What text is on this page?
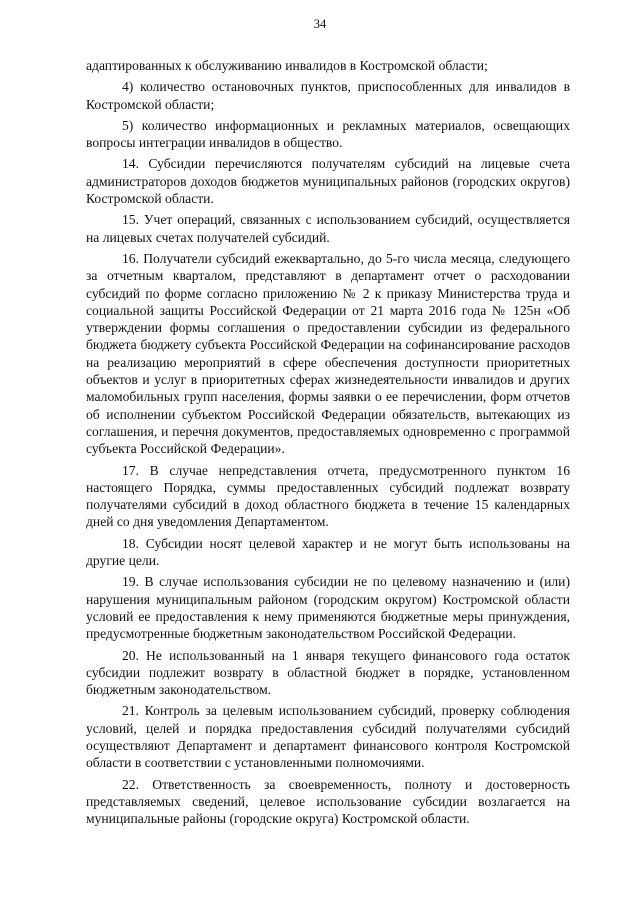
34

адаптированных к обслуживанию инвалидов в Костромской области;

4) количество остановочных пунктов, приспособленных для инвалидов в Костромской области;

5) количество информационных и рекламных материалов, освещающих вопросы интеграции инвалидов в общество.

14. Субсидии перечисляются получателям субсидий на лицевые счета администраторов доходов бюджетов муниципальных районов (городских округов) Костромской области.

15. Учет операций, связанных с использованием субсидий, осуществляется на лицевых счетах получателей субсидий.

16. Получатели субсидий ежеквартально, до 5-го числа месяца, следующего за отчетным кварталом, представляют в департамент отчет о расходовании субсидий по форме согласно приложению № 2 к приказу Министерства труда и социальной защиты Российской Федерации от 21 марта 2016 года № 125н «Об утверждении формы соглашения о предоставлении субсидии из федерального бюджета бюджету субъекта Российской Федерации на софинансирование расходов на реализацию мероприятий в сфере обеспечения доступности приоритетных объектов и услуг в приоритетных сферах жизнедеятельности инвалидов и других маломобильных групп населения, формы заявки о ее перечислении, форм отчетов об исполнении субъектом Российской Федерации обязательств, вытекающих из соглашения, и перечня документов, предоставляемых одновременно с программой субъекта Российской Федерации».

17. В случае непредставления отчета, предусмотренного пунктом 16 настоящего Порядка, суммы предоставленных субсидий подлежат возврату получателями субсидий в доход областного бюджета в течение 15 календарных дней со дня уведомления Департаментом.

18. Субсидии носят целевой характер и не могут быть использованы на другие цели.

19. В случае использования субсидии не по целевому назначению и (или) нарушения муниципальным районом (городским округом) Костромской области условий ее предоставления к нему применяются бюджетные меры принуждения, предусмотренные бюджетным законодательством Российской Федерации.

20. Не использованный на 1 января текущего финансового года остаток субсидии подлежит возврату в областной бюджет в порядке, установленном бюджетным законодательством.

21. Контроль за целевым использованием субсидий, проверку соблюдения условий, целей и порядка предоставления субсидий получателями субсидий осуществляют Департамент и департамент финансового контроля Костромской области в соответствии с установленными полномочиями.

22. Ответственность за своевременность, полноту и достоверность представляемых сведений, целевое использование субсидии возлагается на муниципальные районы (городские округа) Костромской области.
